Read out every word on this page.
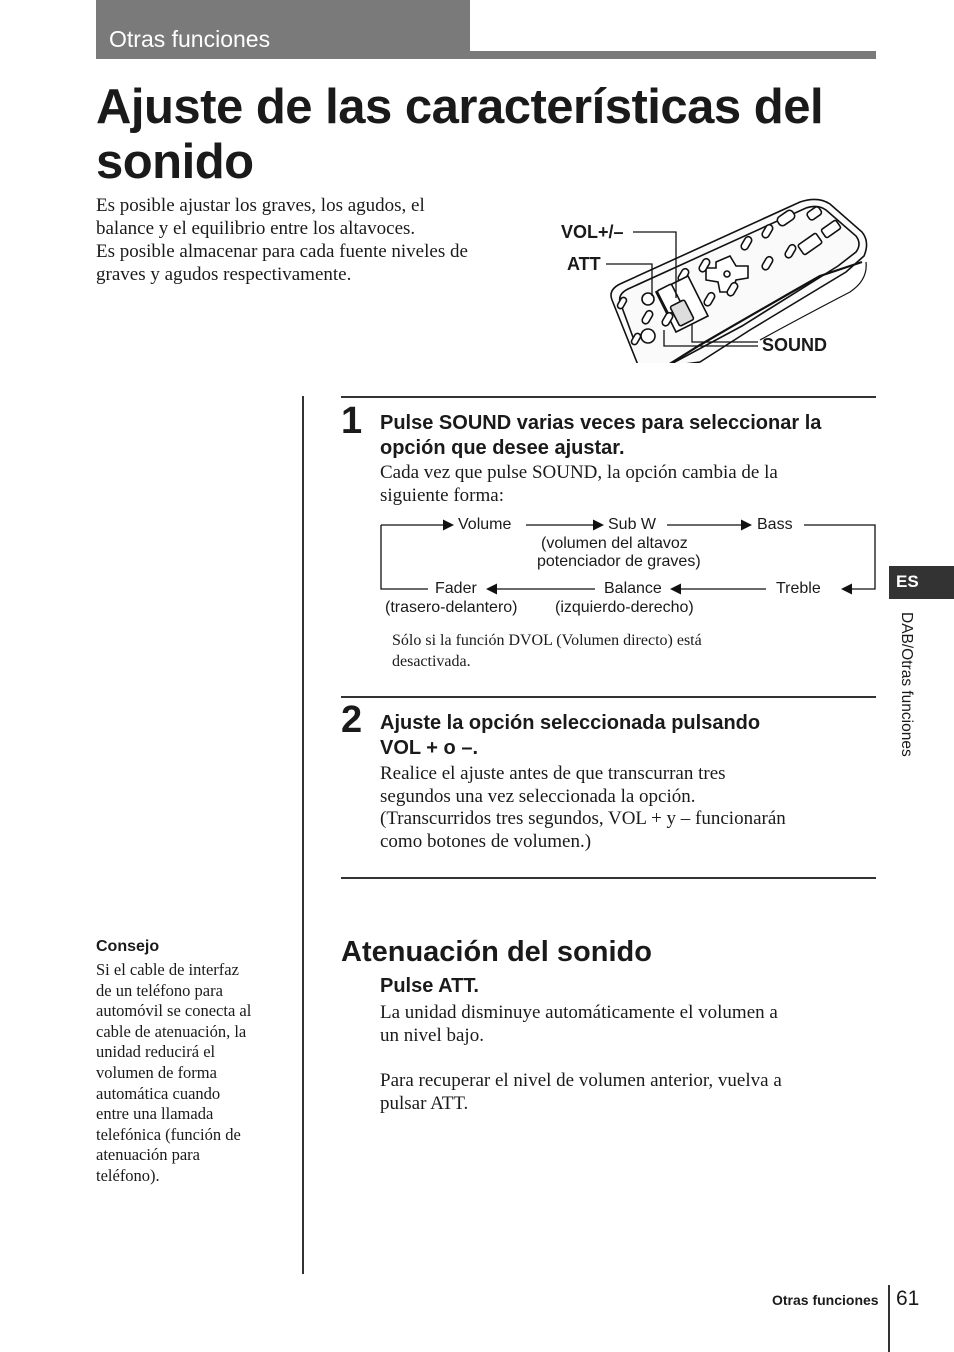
Otras funciones
Ajuste de las características del sonido
Es posible ajustar los graves, los agudos, el
balance y el equilibrio entre los altavoces.
Es posible almacenar para cada fuente niveles de
graves y agudos respectivamente.
VOL+/–
ATT
SOUND
1 Pulse SOUND varias veces para seleccionar la
opción que desee ajustar.
Cada vez que pulse SOUND, la opción cambia de la
siguiente forma:
Volume	Sub W	Bass
(volumen del altavoz
potenciador de graves)
Fader	Balance	Treble
(trasero-delantero) (izquierdo-derecho)
Sólo si la función DVOL (Volumen directo) está
desactivada.
2 Ajuste la opción seleccionada pulsando
VOL + o –.
Realice el ajuste antes de que transcurran tres
segundos una vez seleccionada la opción.
(Transcurridos tres segundos, VOL + y – funcionarán
como botones de volumen.)
Consejo
Si el cable de interfaz
de un teléfono para
automóvil se conecta al
cable de atenuación, la
unidad reducirá el
volumen de forma
automática cuando
entre una llamada
telefónica (función de
atenuación para
teléfono).
Atenuación del sonido
Pulse ATT.
La unidad disminuye automáticamente el volumen a
un nivel bajo.
Para recuperar el nivel de volumen anterior, vuelva a
pulsar ATT.
ES
DAB/Otras funciones
Otras funciones 61
